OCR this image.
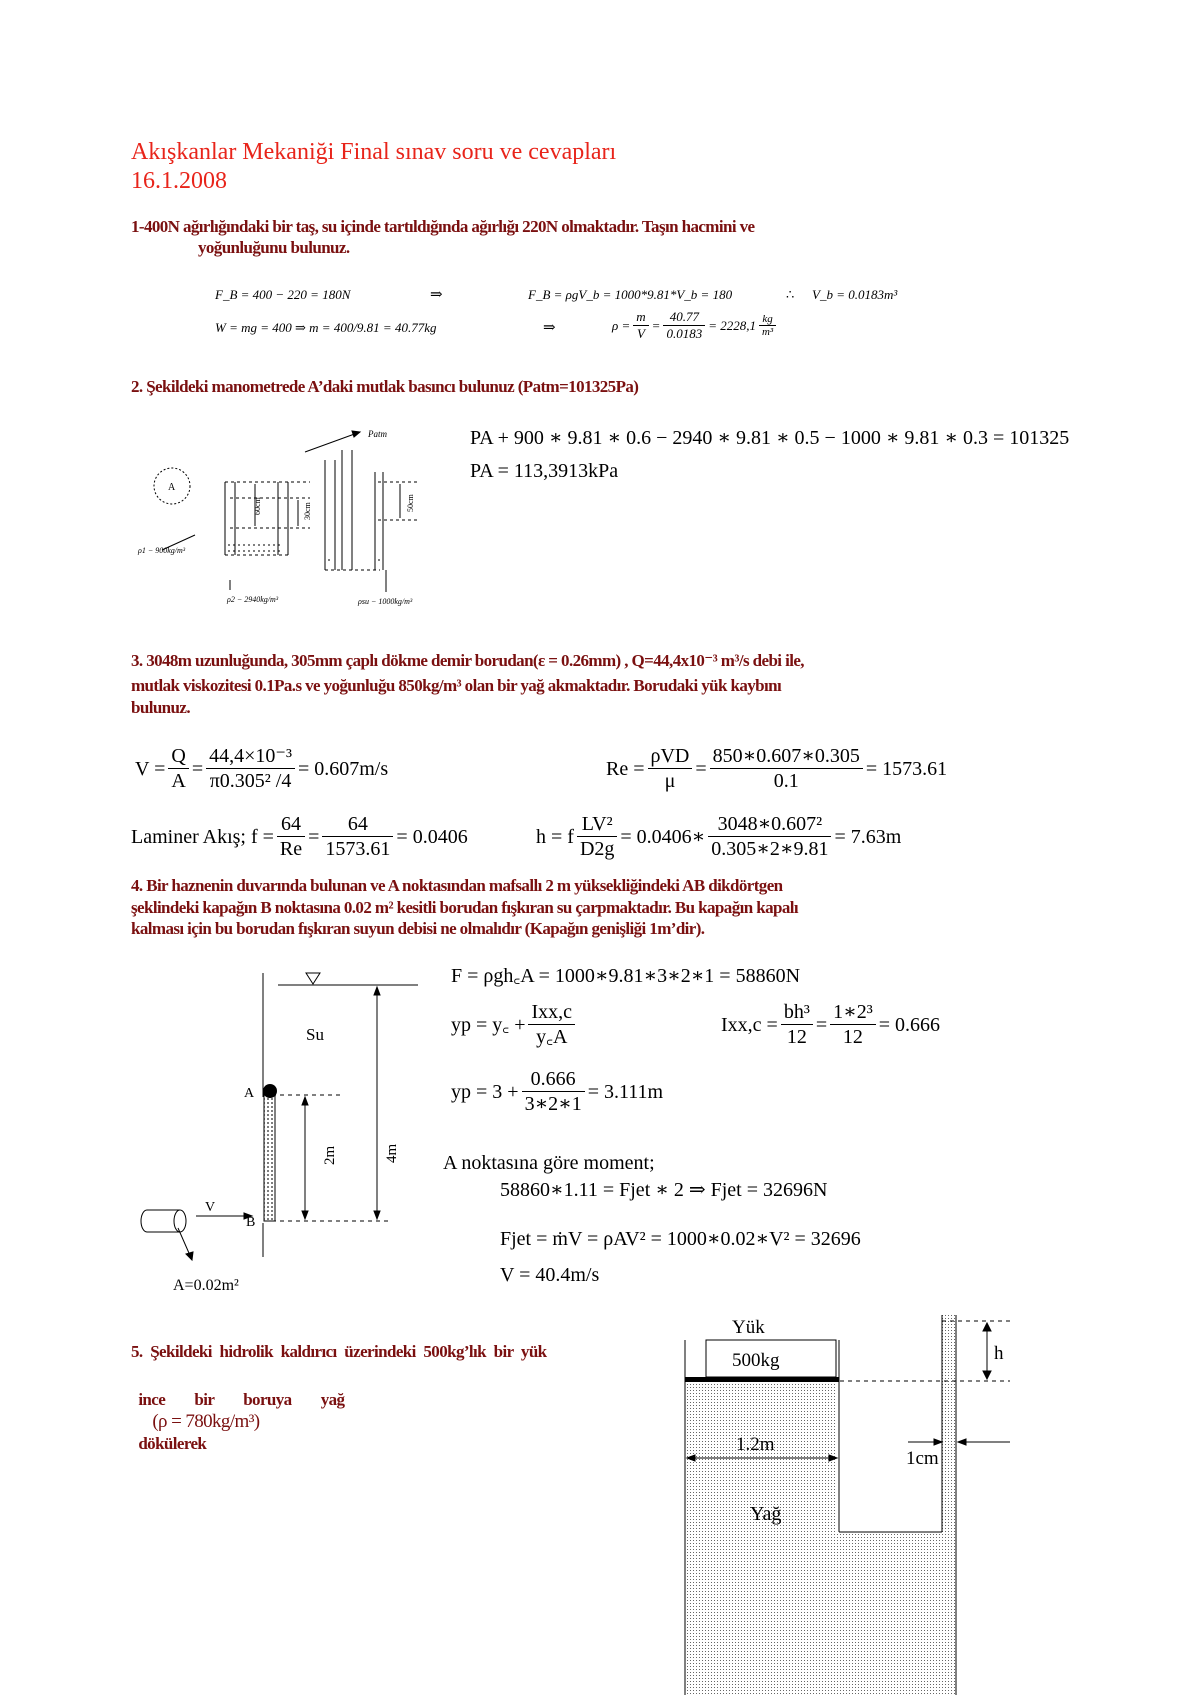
Akışkanlar Mekaniği Final sınav soru ve cevapları
16.1.2008
1-400N ağırlığındaki bir taş, su içinde tartıldığında ağırlığı 220N olmaktadır. Taşın hacmini ve
yoğunluğunu bulunuz.
F_B = 400 − 220 = 180N	⇒	F_B = ρgV_b = 1000*9.81*V_b = 180	∴ V_b = 0.0183m³
W = mg = 400 ⇒ m = 400/9.81 = 40.77kg	⇒	$\rho = \frac{m}{V} = \frac{40.77}{0.0183} = 2228,1 \frac{kg}{\text{m³}}$
2. Şekildeki manometrede A’daki mutlak basıncı bulunuz (Patm=101325Pa)
PA + 900 ∗ 9.81 ∗ 0.6 − 2940 ∗ 9.81 ∗ 0.5 − 1000 ∗ 9.81 ∗ 0.3 = 101325
PA = 113,3913kPa
Patm
A
60cm	30cm	50cm
ρ1 − 900kg/m³
ρ2 − 2940kg/m³	ρsu − 1000kg/m³
3. 3048m uzunluğunda, 305mm çaplı dökme demir borudan(ε = 0.26mm) , Q=44,4x10⁻³ m³/s debi ile,
mutlak viskozitesi 0.1Pa.s ve yoğunluğu 850kg/m³ olan bir yağ akmaktadır. Borudaki yük kaybını
bulunuz.
$V = \frac{Q}{A} = \frac{\text{44,4×10⁻³}}{\text{π0.305² /4}} = 0.607m/s$	$Re = \frac{\text{ρVD}}{\mu} = \frac{850∗0.607∗0.305}{0.1} = 1573.61$
Laminer Akış; $f = \frac{64}{Re} = \frac{64}{1573.61} = 0.0406$	h = f $\frac{\text{LV²}}{D2g}$ = 0.0406∗ $\frac{\text{3048∗0.607²}}{0.305∗2∗9.81} = 7.63m$
4. Bir haznenin duvarında bulunan ve A noktasından mafsallı 2 m yüksekliğindeki AB dikdörtgen
şeklindeki kapağın B noktasına 0.02 m² kesitli borudan fışkıran su çarpmaktadır. Bu kapağın kapalı
kalması için bu borudan fışkıran suyun debisi ne olmalıdır (Kapağın genişliği 1m’dir).
F = ρgh꜀A = 1000∗9.81∗3∗2∗1 = 58860N
yp = y꜀ + $\frac{\text{Ixx,c}}{y꜀A}$	$Ixx,c = \frac{\text{bh³}}{12} = \frac{\text{1∗2³}}{12} = 0.666$
yp = $3 + \frac{0.666}{3∗2∗1} = 3.111m$
A noktasına göre moment;
58860∗1.11 = Fjet ∗ 2 ⇒ Fjet = 32696N
Fjet = ṁV = ρAV² = 1000∗0.02∗V² = 32696
V = 40.4m/s
Su
A
B
V
2m	4m
A=0.02m²
5. Şekildeki hidrolik kaldırıcı üzerindeki 500kg’lık bir yük

ince        bir        boruya        yağ
(ρ = 780kg/m³)
dökülerek

Yük
500kg	h
1.2m
1cm
Yağ
